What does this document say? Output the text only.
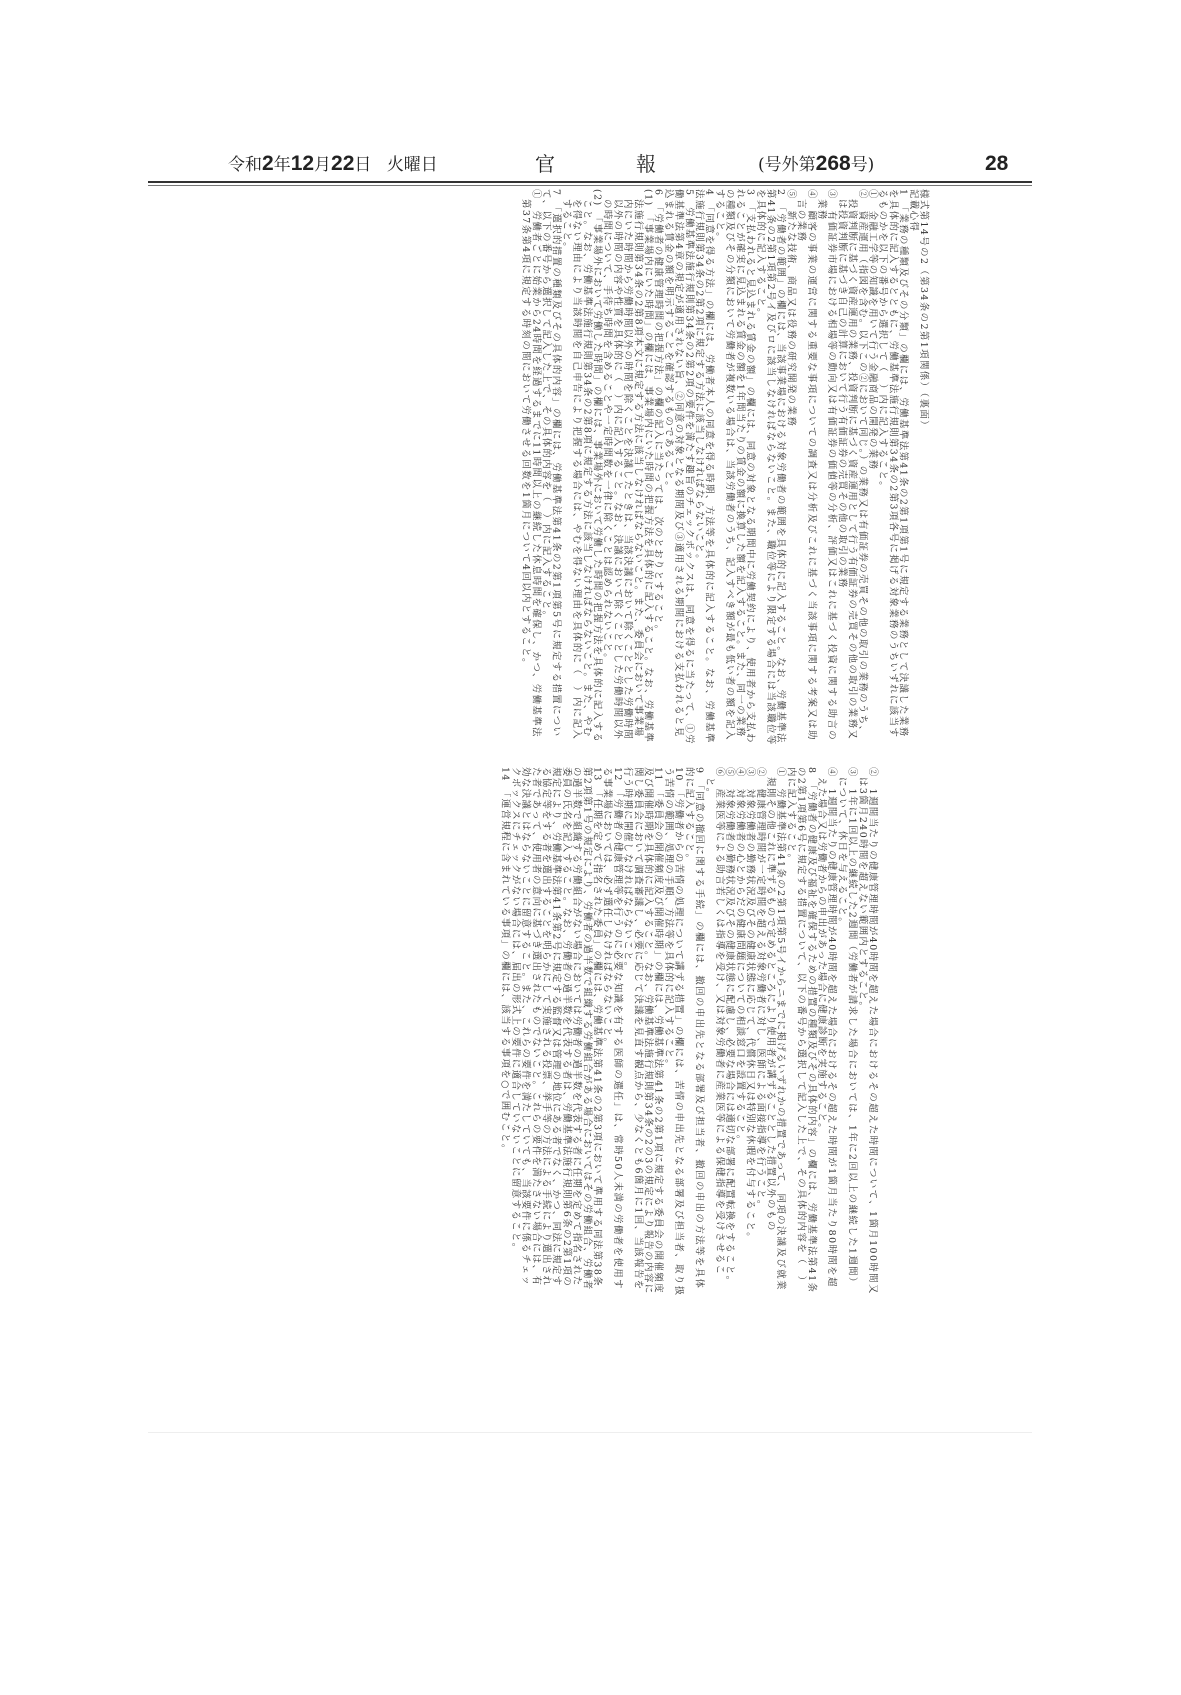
令和2年12月22日 火曜日	官	報	(号外第268号)	28

様式第14号の2（第34条の2第1項関係）（裏面）

記載心得

1　「業務の種類及びその分類」の欄には、労働基準法第41条の2第1項第1号に規定する業務として決議した業務を具体的に記入するとともに、労働基準法施行規則第34条の2第3項各号に掲げる対象業務のうちいずれに該当するものかを以下の番号から選択して（　）内に記入すること。

①　金融工学等の知識を用いて行う金融商品の開発の業務

②　資産運用（指図を含む。以下この②において同じ。）の業務又は有価証券の売買その他の取引の業務のうち、投資判断に基づく資産運用の業務、投資判断に基づく資産運用として行う有価証券の売買その他の取引の業務又は投資判断に基づき自己の計算において行う有価証券の売買その他の取引の業務

③　有価証券市場における相場等の動向又は有価証券の価値等の分析、評価又はこれに基づく投資に関する助言の業務

④　顧客の事業の運営に関する重要な事項についての調査又は分析及びこれに基づく当該事項に関する考案又は助言の業務

⑤　新たな技術、商品又は役務の研究開発の業務

2　「労働者の範囲」の欄には、当該事業場における対象労働者の範囲を具体的に記入すること。なお、労働基準法第41条の2第1項第2号イ及びロに該当しなければならないこと。また、職位等により限定する場合には当該職位等を具体的に記入すること。

3　「支払われると見込まれる賃金の額」の欄には、同意の対象となる期間中に労働契約により、使用者から支払われることが確実に見込まれる賃金の額を1年間当たりの賃金の額に換算した額を記入すること。また、同一の業務の種類及びその分類において労働者が複数いる場合は、当該労働者のうち、記入すべき額が最も低い者の額を記入すること。

4　「同意を得る方法」の欄には、労働者本人の同意を得る時期、方法等を具体的に記入すること。なお、労働基準法施行規則第34条の2第2項に規定する方法に該当しなければならないこと。

5　労働基準法施行規則第34条の2第2項の要件を満たす趣旨のチェックボックスは、同意を得るに当たって、①労働基準法第4章の規定が適用されない旨、②同意の対象となる期間及び③適用される期間における支払われると見込まれる賃金の額を明示することを確認するものであること。

6　「労働者の健康管理時間の把握方法」の欄の記入に当たっては、次のとおりとすること。

(1)　「事業場内にいた時間」の欄には、事業場内にいた時間の把握方法を具体的に記入すること。なお、労働基準法施行規則第34条の2第8項本文に規定する方法に該当しなければならないこと。また、委員会において事業場内にいた時間から労働時間以外の時間を除くことを決議したときは、当該決議において除くこととした労働時間以外の時間の内容や性質を具体的に（　）内に記入すること。なお、決議において除くこととした労働時間以外の時間について、手待ち時間を含めることや一定時間数を一律に除くことは認められないこと。

(2)　「事業場外において労働した時間」の欄には、事業場外において労働した時間の把握方法を具体的に記入すること。なお、労働基準法施行規則第34条の2第8項に規定する方法に該当しなければならないこと。また、やむを得ない理由により当該時間を自己申告により把握する場合には、やむを得ない理由を具体的に（　）内に記入すること。

7　「選択的措置の種類及びその具体的内容」の欄には、労働基準法第41条の2第1項第5号に規定する措置について、以下の番号から選択して記入した上で、その具体的内容を（　）内に記入すること。

①　労働者ごとに始業から24時間を経過するまでに11時間以上の継続した休息時間を確保し、かつ、労働基準法第37条第4項に規定する時刻の間において労働させる回数を1箇月について4回以内とすること。

②　1週間当たりの健康管理時間が40時間を超えた場合におけるその超えた時間について、1箇月100時間又は3箇月240時間を超えない範囲内とすること。

③　1年に1回以上の継続した2週間（労働者が請求した場合においては、1年に2回以上の継続した1週間）について、休日を与えること。

④　1週間当たりの健康管理時間が40時間を超えた場合におけるその超えた時間が1箇月当たり80時間を超えた場合又は労働者からの申出があった場合に健康診断を実施すること。

8　「労働者の健康及び福祉を確保するための措置の種類及びその具体的内容」の欄には、労働基準法第41条の2第1項第6号に規定する措置について、以下の番号から選択して記入した上で、その具体的内容を（　）内に記入すること。

①　労働基準法第41条の2第1項第5号イからニまでに掲げるいずれかの措置であって、同項の決議及び就業規則その他これに準ずるもので定めるところにより使用者が講ずることとした措置以外のもの

②　健康管理時間が一定時間を超える対象労働者に対し、医師による面接指導を行うこと。

③　対象労働者の勤務状況及びその健康状態に応じて、代償休日又は特別な休暇を付与すること。

④　対象労働者の心とからだの健康問題についての相談窓口を設置すること。

⑤　対象労働者の勤務状況及びその健康状態に配慮し、必要な場合には適切な部署に配置転換をすること。

⑥　産業医等による助言若しくは指導を受け、又は対象労働者に産業医等による保健指導を受けさせること。

9　「同意の撤回に関する手続」の欄には、撤回の申出先となる部署及び担当者、撤回の申出の方法等を具体的に記入すること。

10　「労働者からの苦情の処理について講ずる措置」の欄には、苦情の申出先となる部署及び担当者、取り扱う苦情の範囲、処理の手順、方法等を具体的に記入すること。

11　「委員会の開催頻度及び開催時期」の欄には、労働基準法第41条の2第1項に規定する委員会の開催頻度及び開催時期を具体的に記入すること。なお、労働基準法施行規則第34条の2の3の規定により報告の内容に関し委員会において調査審議し、必要に応じて決議を見直す観点から、少なくとも6箇月に1回、当該報告を行う時期に開催しなければならないこと。

12　「労働者の健康管理等を行うのに必要な知識を有する医師の選任」は、常時50人未満の労働者を使用する事業場においては、必ず選任しなければならないこと。

13　「任期を定めて指名された委員」の欄には、労働基準法第41条の2第3項において準用する同法第38条第2項第1号の規定により、労働者の過半数で組織する労働組合がある場合においてはその労働組合、労働者の過半数で組織する労働組合がない場合においては労働者の過半数を代表する者に任期を定めて指名された委員の氏名を記入すること。なお、労働者の過半数を代表する者は、労働基準法施行規則第6条の2第1項の規定により、労働基準法第41条第2号に規定する監督又は管理の地位にある者でなく、かつ、同法に規定する協定等をする者を選出することを明らかにして実施される投票、挙手等の方法による手続により選出された者であって、使用者の意向に基づき選出されたものでないこと。これらの要件を満たさない場合には、有効な決議とはならないことに留意すること。また、これらの要件を満たしていても、当該要件に係るチェックボックスにチェックがない場合には、届出の形式上の要件に適合していないことに留意すること。

14　「運営規程に含まれている事項」の欄には、該当する事項を○で囲むこと。
